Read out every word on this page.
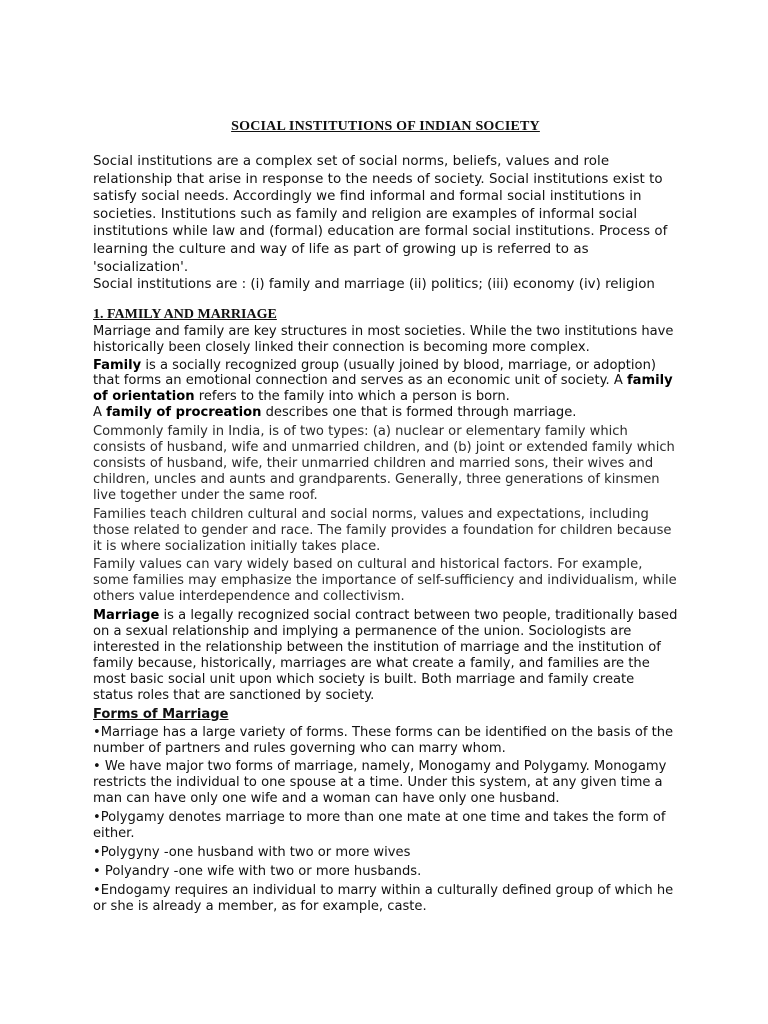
SOCIAL INSTITUTIONS OF INDIAN SOCIETY

Social institutions are a complex set of social norms, beliefs, values and role relationship that arise in response to the needs of society. Social institutions exist to satisfy social needs. Accordingly we find informal and formal social institutions in societies. Institutions such as family and religion are examples of informal social institutions while law and (formal) education are formal social institutions. Process of learning the culture and way of life as part of growing up is referred to as 'socialization'.

Social institutions are : (i) family and marriage (ii) politics; (iii) economy (iv) religion

1. FAMILY AND MARRIAGE

Marriage and family are key structures in most societies. While the two institutions have historically been closely linked their connection is becoming more complex.

Family is a socially recognized group (usually joined by blood, marriage, or adoption) that forms an emotional connection and serves as an economic unit of society. A family of orientation refers to the family into which a person is born.

A family of procreation describes one that is formed through marriage.

Commonly family in India, is of two types: (a) nuclear or elementary family which consists of husband, wife and unmarried children, and (b) joint or extended family which consists of husband, wife, their unmarried children and married sons, their wives and children, uncles and aunts and grandparents. Generally, three generations of kinsmen live together under the same roof.

Families teach children cultural and social norms, values and expectations, including those related to gender and race. The family provides a foundation for children because it is where socialization initially takes place.

Family values can vary widely based on cultural and historical factors. For example, some families may emphasize the importance of self-sufficiency and individualism, while others value interdependence and collectivism.

Marriage is a legally recognized social contract between two people, traditionally based on a sexual relationship and implying a permanence of the union. Sociologists are interested in the relationship between the institution of marriage and the institution of family because, historically, marriages are what create a family, and families are the most basic social unit upon which society is built. Both marriage and family create status roles that are sanctioned by society.

Forms of Marriage

•Marriage has a large variety of forms. These forms can be identified on the basis of the number of partners and rules governing who can marry whom.

• We have major two forms of marriage, namely, Monogamy and Polygamy. Monogamy restricts the individual to one spouse at a time. Under this system, at any given time a man can have only one wife and a woman can have only one husband.

•Polygamy denotes marriage to more than one mate at one time and takes the form of either.

•Polygyny -one husband with two or more wives

• Polyandry -one wife with two or more husbands.

•Endogamy requires an individual to marry within a culturally defined group of which he or she is already a member, as for example, caste.
